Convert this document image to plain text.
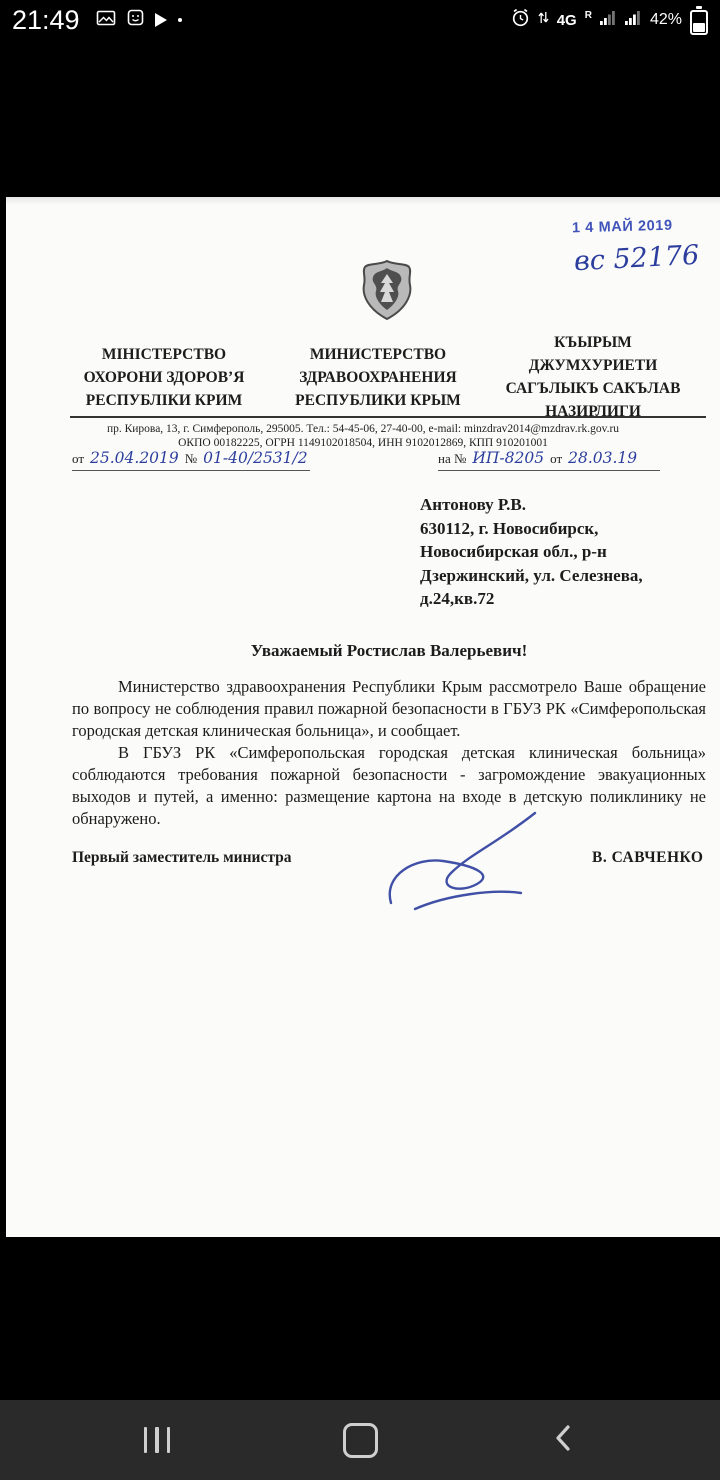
21:49	4G R	42%
1 4 МАЙ 2019
вс 52176
МІНІСТЕРСТВО
ОХОРОНИ ЗДОРОВ’Я
РЕСПУБЛІКИ КРИМ
МИНИСТЕРСТВО
ЗДРАВООХРАНЕНИЯ
РЕСПУБЛИКИ КРЫМ
КЪЫРЫМ
ДЖУМХУРИЕТИ
САГЪЛЫКЪ САКЪЛАВ
НАЗИРЛИГИ
пр. Кирова, 13, г. Симферополь, 295005. Тел.: 54-45-06, 27-40-00, e-mail: minzdrav2014@mzdrav.rk.gov.ru
ОКПО 00182225, ОГРН 1149102018504, ИНН 9102012869, КПП 910201001
от 25.04.2019 № 01-40/2531/2	на № ИП-8205 от 28.03.19
Антонову Р.В.
630112, г. Новосибирск,
Новосибирская обл., р-н
Дзержинский, ул. Селезнева,
д.24,кв.72
Уважаемый Ростислав Валерьевич!

Министерство здравоохранения Республики Крым рассмотрело Ваше обращение по вопросу не соблюдения правил пожарной безопасности в ГБУЗ РК «Симферопольская городская детская клиническая больница», и сообщает.

В ГБУЗ РК «Симферопольская городская детская клиническая больница» соблюдаются требования пожарной безопасности - загромождение эвакуационных выходов и путей, а именно: размещение картона на входе в детскую поликлинику не обнаружено.

Первый заместитель министра	В. САВЧЕНКО
